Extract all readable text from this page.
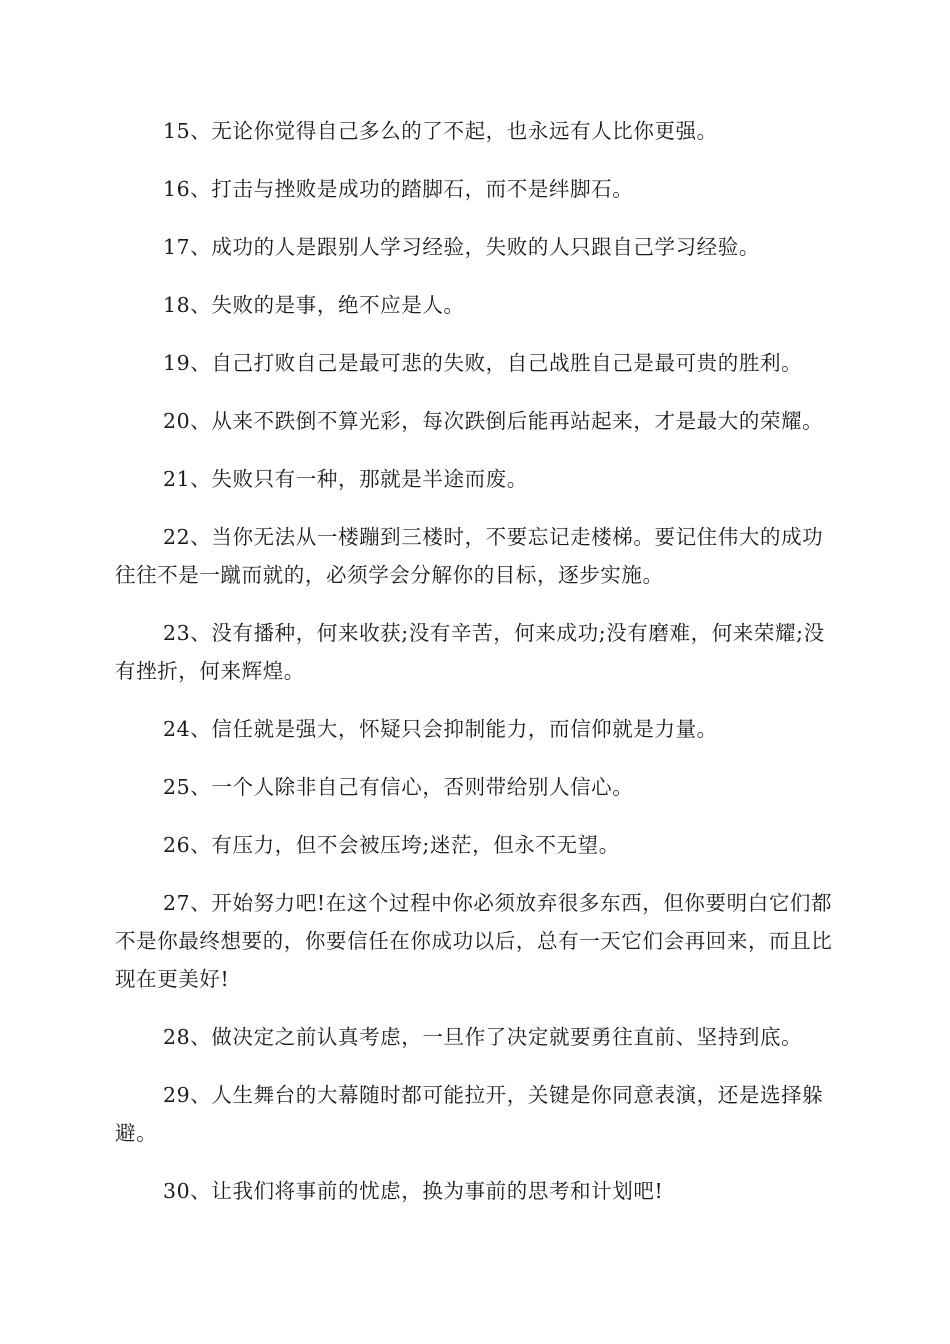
15、无论你觉得自己多么的了不起，也永远有人比你更强。

16、打击与挫败是成功的踏脚石，而不是绊脚石。

17、成功的人是跟别人学习经验，失败的人只跟自己学习经验。

18、失败的是事，绝不应是人。

19、自己打败自己是最可悲的失败，自己战胜自己是最可贵的胜利。

20、从来不跌倒不算光彩，每次跌倒后能再站起来，才是最大的荣耀。

21、失败只有一种，那就是半途而废。

22、当你无法从一楼蹦到三楼时，不要忘记走楼梯。要记住伟大的成功往往不是一蹴而就的，必须学会分解你的目标，逐步实施。

23、没有播种，何来收获;没有辛苦，何来成功;没有磨难，何来荣耀;没有挫折，何来辉煌。

24、信任就是强大，怀疑只会抑制能力，而信仰就是力量。

25、一个人除非自己有信心，否则带给别人信心。

26、有压力，但不会被压垮;迷茫，但永不无望。

27、开始努力吧!在这个过程中你必须放弃很多东西，但你要明白它们都不是你最终想要的，你要信任在你成功以后，总有一天它们会再回来，而且比现在更美好!

28、做决定之前认真考虑，一旦作了决定就要勇往直前、坚持到底。

29、人生舞台的大幕随时都可能拉开，关键是你同意表演，还是选择躲避。

30、让我们将事前的忧虑，换为事前的思考和计划吧!
